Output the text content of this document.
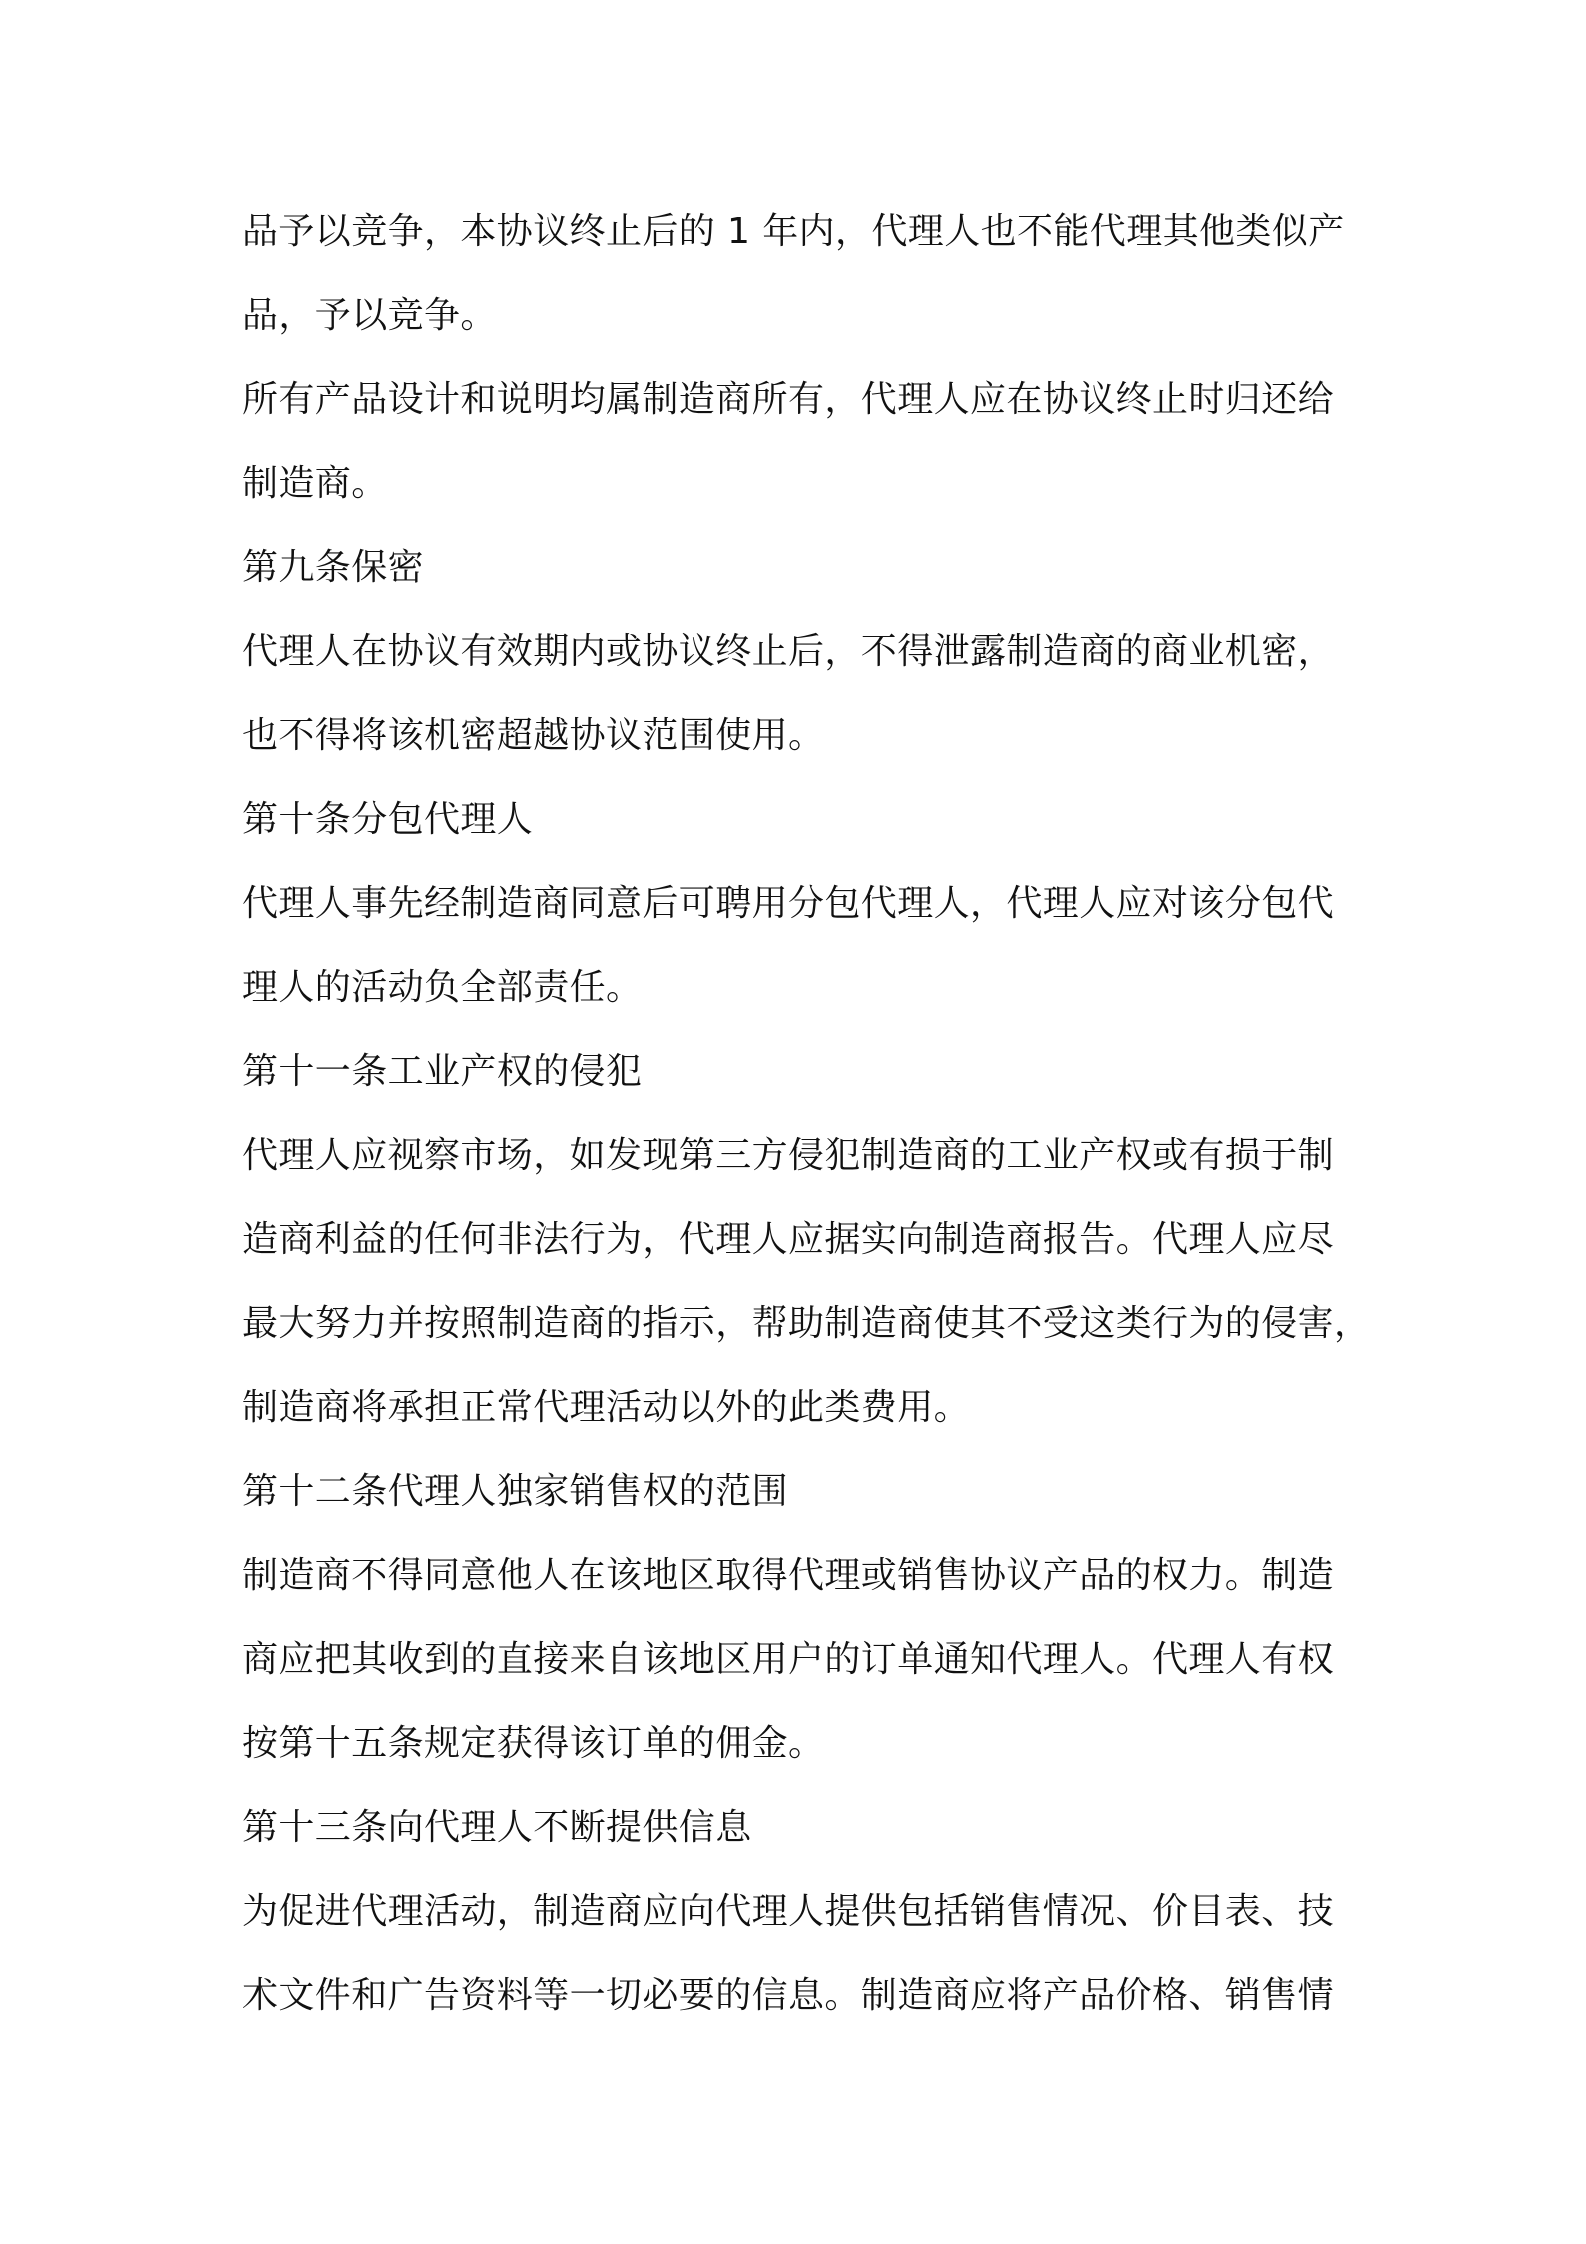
品予以竞争，本协议终止后的 1 年内，代理人也不能代理其他类似产
品，予以竞争。
所有产品设计和说明均属制造商所有，代理人应在协议终止时归还给
制造商。
第九条保密
代理人在协议有效期内或协议终止后，不得泄露制造商的商业机密，
也不得将该机密超越协议范围使用。
第十条分包代理人
代理人事先经制造商同意后可聘用分包代理人，代理人应对该分包代
理人的活动负全部责任。
第十一条工业产权的侵犯
代理人应视察市场，如发现第三方侵犯制造商的工业产权或有损于制
造商利益的任何非法行为，代理人应据实向制造商报告。代理人应尽
最大努力并按照制造商的指示，帮助制造商使其不受这类行为的侵害，
制造商将承担正常代理活动以外的此类费用。
第十二条代理人独家销售权的范围
制造商不得同意他人在该地区取得代理或销售协议产品的权力。制造
商应把其收到的直接来自该地区用户的订单通知代理人。代理人有权
按第十五条规定获得该订单的佣金。
第十三条向代理人不断提供信息
为促进代理活动，制造商应向代理人提供包括销售情况、价目表、技
术文件和广告资料等一切必要的信息。制造商应将产品价格、销售情
